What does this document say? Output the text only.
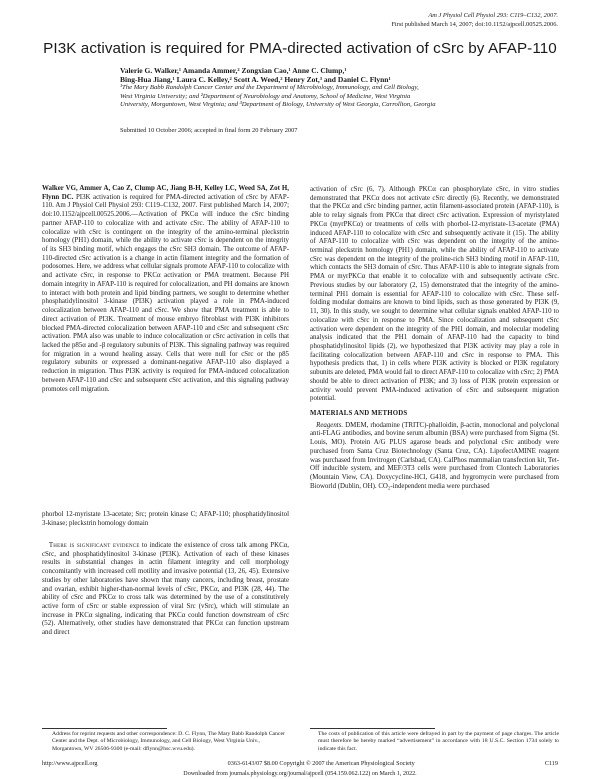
Am J Physiol Cell Physiol 293: C119–C132, 2007.
First published March 14, 2007; doi:10.1152/ajpcell.00525.2006.
PI3K activation is required for PMA-directed activation of cSrc by AFAP-110
Valerie G. Walker,¹ Amanda Ammer,² Zongxian Cao,¹ Anne C. Clump,¹
Bing-Hua Jiang,¹ Laura C. Kelley,² Scott A. Weed,² Henry Zot,³ and Daniel C. Flynn¹
¹The Mary Babb Randolph Cancer Center and the Department of Microbiology, Immunology, and Cell Biology,
West Virginia University; and ²Department of Neurobiology and Anatomy, School of Medicine, West Virginia
University, Morgantown, West Virginia; and ³Department of Biology, University of West Georgia, Carrollton, Georgia
Submitted 10 October 2006; accepted in final form 20 February 2007

Walker VG, Ammer A, Cao Z, Clump AC, Jiang B-H, Kelley LC, Weed SA, Zot H, Flynn DC. PI3K activation is required for PMA-directed activation of cSrc by AFAP-110. Am J Physiol Cell Physiol 293: C119–C132, 2007. First published March 14, 2007; doi:10.1152/ajpcell.00525.2006.—Activation of PKCα will induce the cSrc binding partner AFAP-110 to colocalize with and activate cSrc. The ability of AFAP-110 to colocalize with cSrc is contingent on the integrity of the amino-terminal pleckstrin homology (PH1) domain, while the ability to activate cSrc is dependent on the integrity of its SH3 binding motif, which engages the cSrc SH3 domain. The outcome of AFAP-110-directed cSrc activation is a change in actin filament integrity and the formation of podosomes. Here, we address what cellular signals promote AFAP-110 to colocalize with and activate cSrc, in response to PKCα activation or PMA treatment. Because PH domain integrity in AFAP-110 is required for colocalization, and PH domains are known to interact with both protein and lipid binding partners, we sought to determine whether phosphatidylinositol 3-kinase (PI3K) activation played a role in PMA-induced colocalization between AFAP-110 and cSrc. We show that PMA treatment is able to direct activation of PI3K. Treatment of mouse embryo fibroblast with PI3K inhibitors blocked PMA-directed colocalization between AFAP-110 and cSrc and subsequent cSrc activation. PMA also was unable to induce colocalization or cSrc activation in cells that lacked the p85α and -β regulatory subunits of PI3K. This signaling pathway was required for migration in a wound healing assay. Cells that were null for cSrc or the p85 regulatory subunits or expressed a dominant-negative AFAP-110 also displayed a reduction in migration. Thus PI3K activity is required for PMA-induced colocalization between AFAP-110 and cSrc and subsequent cSrc activation, and this signaling pathway promotes cell migration.

phorbol 12-myristate 13-acetate; Src; protein kinase C; AFAP-110; phosphatidylinositol 3-kinase; pleckstrin homology domain

There is significant evidence to indicate the existence of cross talk among PKCα, cSrc, and phosphatidylinositol 3-kinase (PI3K). Activation of each of these kinases results in substantial changes in actin filament integrity and cell morphology concomitantly with increased cell motility and invasive potential (13, 26, 45). Extensive studies by other laboratories have shown that many cancers, including breast, prostate and ovarian, exhibit higher-than-normal levels of cSrc, PKCα, and PI3K (28, 44). The ability of cSrc and PKCα to cross talk was determined by the use of a constitutively active form of cSrc or stable expression of viral Src (vSrc), which will stimulate an increase in PKCα signaling, indicating that PKCα could function downstream of cSrc (52). Alternatively, other studies have demonstrated that PKCα can function upstream and direct

activation of cSrc (6, 7). Although PKCα can phosphorylate cSrc, in vitro studies demonstrated that PKCα does not activate cSrc directly (6). Recently, we demonstrated that the PKCα and cSrc binding partner, actin filament-associated protein (AFAP-110), is able to relay signals from PKCα that direct cSrc activation. Expression of myristylated PKCα (myrPKCα) or treatments of cells with phorbol-12-myristate-13-acetate (PMA) induced AFAP-110 to colocalize with cSrc and subsequently activate it (15). The ability of AFAP-110 to colocalize with cSrc was dependent on the integrity of the amino-terminal pleckstrin homology (PH1) domain, while the ability of AFAP-110 to activate cSrc was dependent on the integrity of the proline-rich SH3 binding motif in AFAP-110, which contacts the SH3 domain of cSrc. Thus AFAP-110 is able to integrate signals from PMA or myrPKCα that enable it to colocalize with and subsequently activate cSrc. Previous studies by our laboratory (2, 15) demonstrated that the integrity of the amino-terminal PH1 domain is essential for AFAP-110 to colocalize with cSrc. These self-folding modular domains are known to bind lipids, such as those generated by PI3K (9, 11, 30). In this study, we sought to determine what cellular signals enabled AFAP-110 to colocalize with cSrc in response to PMA. Since colocalization and subsequent cSrc activation were dependent on the integrity of the PH1 domain, and molecular modeling analysis indicated that the PH1 domain of AFAP-110 had the capacity to bind phosphatidylinositol lipids (2), we hypothesized that PI3K activity may play a role in facilitating colocalization between AFAP-110 and cSrc in response to PMA. This hypothesis predicts that, 1) in cells where PI3K activity is blocked or PI3K regulatory subunits are deleted, PMA would fail to direct AFAP-110 to colocalize with cSrc; 2) PMA should be able to direct activation of PI3K; and 3) loss of PI3K protein expression or activity would prevent PMA-induced activation of cSrc and subsequent migration potential.

MATERIALS AND METHODS

Reagents. DMEM, rhodamine (TRITC)-phalloidin, β-actin, monoclonal and polyclonal anti-FLAG antibodies, and bovine serum albumin (BSA) were purchased from Sigma (St. Louis, MO). Protein A/G PLUS agarose beads and polyclonal cSrc antibody were purchased from Santa Cruz Biotechnology (Santa Cruz, CA). LipofectAMINE reagent was purchased from Invitrogen (Carlsbad, CA). CalPhos mammalian transfection kit, Tet-Off inducible system, and MEF/3T3 cells were purchased from Clontech Laboratories (Mountain View, CA). Doxycycline-HCl, G418, and hygromycin were purchased from Bioworld (Dublin, OH). CO₂-independent media were purchased

Address for reprint requests and other correspondence: D. C. Flynn, The Mary Babb Randolph Cancer Center and the Dept. of Microbiology, Immunology, and Cell Biology, West Virginia Univ., Morgantown, WV 26506-9300 (e-mail: dflynn@hsc.wvu.edu).
The costs of publication of this article were defrayed in part by the payment of page charges. The article must therefore be hereby marked “advertisement” in accordance with 18 U.S.C. Section 1734 solely to indicate this fact.
http://www.ajpcell.org	0363-6143/07 $8.00 Copyright © 2007 the American Physiological Society	C119
Downloaded from journals.physiology.org/journal/ajpcell (054.159.062.122) on March 1, 2022.
